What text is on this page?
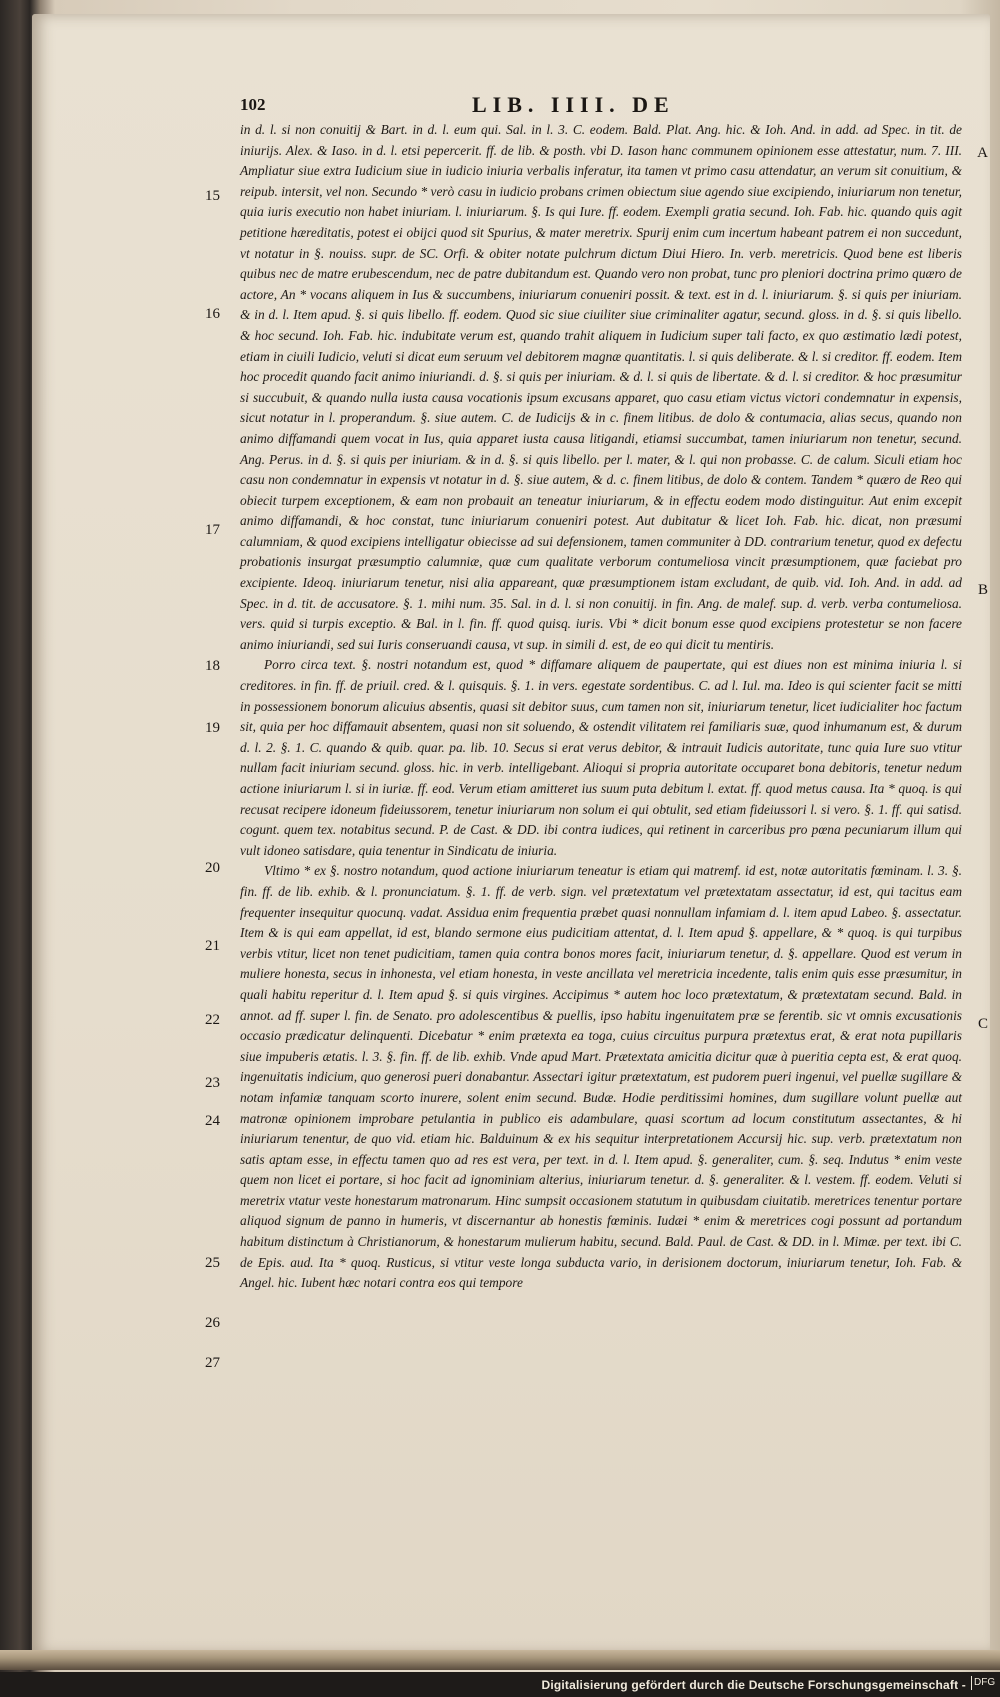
102	LIB. IIII. DE
A
B
C
15
16
17
18
19
20
21
22
23
24
25
26
27

in d. l. si non conuitij & Bart. in d. l. eum qui. Sal. in l. 3. C. eodem. Bald. Plat. Ang. hic. & Ioh. And. in add. ad Spec. in tit. de iniurijs. Alex. & Iaso. in d. l. etsi pepercerit. ff. de lib. & posth. vbi D. Iason hanc communem opinionem esse attestatur, num. 7. III. Ampliatur siue extra Iudicium siue in iudicio iniuria verbalis inferatur, ita tamen vt primo casu attendatur, an verum sit conuitium, & reipub. intersit, vel non. Secundo * verò casu in iudicio probans crimen obiectum siue agendo siue excipiendo, iniuriarum non tenetur, quia iuris executio non habet iniuriam. l. iniuriarum. §. Is qui Iure. ff. eodem. Exempli gratia secund. Ioh. Fab. hic. quando quis agit petitione hæreditatis, potest ei obijci quod sit Spurius, & mater meretrix. Spurij enim cum incertum habeant patrem ei non succedunt, vt notatur in §. nouiss. supr. de SC. Orfi. & obiter notate pulchrum dictum Diui Hiero. In. verb. meretricis. Quod bene est liberis quibus nec de matre erubescendum, nec de patre dubitandum est. Quando vero non probat, tunc pro pleniori doctrina primo quæro de actore, An * vocans aliquem in Ius & succumbens, iniuriarum conueniri possit. & text. est in d. l. iniuriarum. §. si quis per iniuriam. & in d. l. Item apud. §. si quis libello. ff. eodem. Quod sic siue ciuiliter siue criminaliter agatur, secund. gloss. in d. §. si quis libello. & hoc secund. Ioh. Fab. hic. indubitate verum est, quando trahit aliquem in Iudicium super tali facto, ex quo æstimatio lædi potest, etiam in ciuili Iudicio, veluti si dicat eum seruum vel debitorem magnæ quantitatis. l. si quis deliberate. & l. si creditor. ff. eodem. Item hoc procedit quando facit animo iniuriandi. d. §. si quis per iniuriam. & d. l. si quis de libertate. & d. l. si creditor. & hoc præsumitur si succubuit, & quando nulla iusta causa vocationis ipsum excusans apparet, quo casu etiam victus victori condemnatur in expensis, sicut notatur in l. properandum. §. siue autem. C. de Iudicijs & in c. finem litibus. de dolo & contumacia, alias secus, quando non animo diffamandi quem vocat in Ius, quia apparet iusta causa litigandi, etiamsi succumbat, tamen iniuriarum non tenetur, secund. Ang. Perus. in d. §. si quis per iniuriam. & in d. §. si quis libello. per l. mater, & l. qui non probasse. C. de calum. Siculi etiam hoc casu non condemnatur in expensis vt notatur in d. §. siue autem, & d. c. finem litibus, de dolo & contem. Tandem * quæro de Reo qui obiecit turpem exceptionem, & eam non probauit an teneatur iniuriarum, & in effectu eodem modo distinguitur. Aut enim excepit animo diffamandi, & hoc constat, tunc iniuriarum conueniri potest. Aut dubitatur & licet Ioh. Fab. hic. dicat, non præsumi calumniam, & quod excipiens intelligatur obiecisse ad sui defensionem, tamen communiter à DD. contrarium tenetur, quod ex defectu probationis insurgat præsumptio calumniæ, quæ cum qualitate verborum contumeliosa vincit præsumptionem, quæ faciebat pro excipiente. Ideoq. iniuriarum tenetur, nisi alia appareant, quæ præsumptionem istam excludant, de quib. vid. Ioh. And. in add. ad Spec. in d. tit. de accusatore. §. 1. mihi num. 35. Sal. in d. l. si non conuitij. in fin. Ang. de malef. sup. d. verb. verba contumeliosa. vers. quid si turpis exceptio. & Bal. in l. fin. ff. quod quisq. iuris. Vbi * dicit bonum esse quod excipiens protestetur se non facere animo iniuriandi, sed sui Iuris conseruandi causa, vt sup. in simili d. est, de eo qui dicit tu mentiris.

Porro circa text. §. nostri notandum est, quod * diffamare aliquem de paupertate, qui est diues non est minima iniuria l. si creditores. in fin. ff. de priuil. cred. & l. quisquis. §. 1. in vers. egestate sordentibus. C. ad l. Iul. ma. Ideo is qui scienter facit se mitti in possessionem bonorum alicuius absentis, quasi sit debitor suus, cum tamen non sit, iniuriarum tenetur, licet iudicialiter hoc factum sit, quia per hoc diffamauit absentem, quasi non sit soluendo, & ostendit vilitatem rei familiaris suæ, quod inhumanum est, & durum d. l. 2. §. 1. C. quando & quib. quar. pa. lib. 10. Secus si erat verus debitor, & intrauit Iudicis autoritate, tunc quia Iure suo vtitur nullam facit iniuriam secund. gloss. hic. in verb. intelligebant. Alioqui si propria autoritate occuparet bona debitoris, tenetur nedum actione iniuriarum l. si in iuriæ. ff. eod. Verum etiam amitteret ius suum puta debitum l. extat. ff. quod metus causa. Ita * quoq. is qui recusat recipere idoneum fideiussorem, tenetur iniuriarum non solum ei qui obtulit, sed etiam fideiussori l. si vero. §. 1. ff. qui satisd. cogunt. quem tex. notabitus secund. P. de Cast. & DD. ibi contra iudices, qui retinent in carceribus pro pœna pecuniarum illum qui vult idoneo satisdare, quia tenentur in Sindicatu de iniuria.

Vltimo * ex §. nostro notandum, quod actione iniuriarum teneatur is etiam qui matremf. id est, notæ autoritatis fœminam. l. 3. §. fin. ff. de lib. exhib. & l. pronunciatum. §. 1. ff. de verb. sign. vel prætextatum vel prætextatam assectatur, id est, qui tacitus eam frequenter insequitur quocunq. vadat. Assidua enim frequentia præbet quasi nonnullam infamiam d. l. item apud Labeo. §. assectatur. Item & is qui eam appellat, id est, blando sermone eius pudicitiam attentat, d. l. Item apud §. appellare, & * quoq. is qui turpibus verbis vtitur, licet non tenet pudicitiam, tamen quia contra bonos mores facit, iniuriarum tenetur, d. §. appellare. Quod est verum in muliere honesta, secus in inhonesta, vel etiam honesta, in veste ancillata vel meretricia incedente, talis enim quis esse præsumitur, in quali habitu reperitur d. l. Item apud §. si quis virgines. Accipimus * autem hoc loco prætextatum, & prætextatam secund. Bald. in annot. ad ff. super l. fin. de Senato. pro adolescentibus & puellis, ipso habitu ingenuitatem præ se ferentib. sic vt omnis excusationis occasio prædicatur delinquenti. Dicebatur * enim prætexta ea toga, cuius circuitus purpura prætextus erat, & erat nota pupillaris siue impuberis ætatis. l. 3. §. fin. ff. de lib. exhib. Vnde apud Mart. Prætextata amicitia dicitur quæ à pueritia cepta est, & erat quoq. ingenuitatis indicium, quo generosi pueri donabantur. Assectari igitur prætextatum, est pudorem pueri ingenui, vel puellæ sugillare & notam infamiæ tanquam scorto inurere, solent enim secund. Budæ. Hodie perditissimi homines, dum sugillare volunt puellæ aut matronæ opinionem improbare petulantia in publico eis adambulare, quasi scortum ad locum constitutum assectantes, & hi iniuriarum tenentur, de quo vid. etiam hic. Balduinum & ex his sequitur interpretationem Accursij hic. sup. verb. prætextatum non satis aptam esse, in effectu tamen quo ad res est vera, per text. in d. l. Item apud. §. generaliter, cum. §. seq. Indutus * enim veste quem non licet ei portare, si hoc facit ad ignominiam alterius, iniuriarum tenetur. d. §. generaliter. & l. vestem. ff. eodem. Veluti si meretrix vtatur veste honestarum matronarum. Hinc sumpsit occasionem statutum in quibusdam ciuitatib. meretrices tenentur portare aliquod signum de panno in humeris, vt discernantur ab honestis fœminis. Iudæi * enim & meretrices cogi possunt ad portandum habitum distinctum à Christianorum, & honestarum mulierum habitu, secund. Bald. Paul. de Cast. & DD. in l. Mimæ. per text. ibi C. de Epis. aud. Ita * quoq. Rusticus, si vtitur veste longa subducta vario, in derisionem doctorum, iniuriarum tenetur, Ioh. Fab. & Angel. hic. Iubent hæc notari contra eos qui tempore

Digitalisierung gefördert durch die Deutsche Forschungsgemeinschaft - DFG
